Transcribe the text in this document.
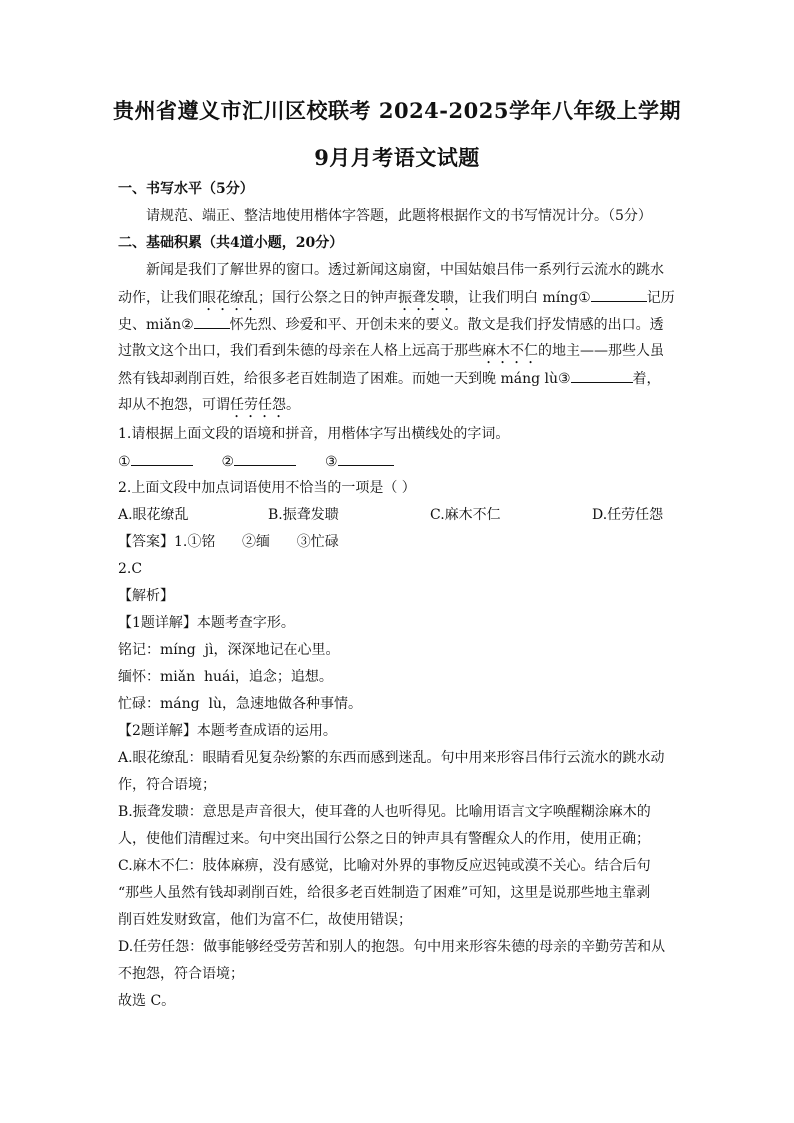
贵州省遵义市汇川区校联考 2024-2025学年八年级上学期
9月月考语文试题
一、书写水平（5分）
请规范、端正、整洁地使用楷体字答题，此题将根据作文的书写情况计分。（5分）
二、基础积累（共4道小题，20分）
新闻是我们了解世界的窗口。透过新闻这扇窗，中国姑娘吕伟一系列行云流水的跳水
动作，让我们眼花缭乱；国行公祭之日的钟声振聋发聩，让我们明白 míng①	记历
史、miǎn②	怀先烈、珍爱和平、开创未来的要义。散文是我们抒发情感的出口。透
过散文这个出口，我们看到朱德的母亲在人格上远高于那些麻木不仁的地主——那些人虽
然有钱却剥削百姓，给很多老百姓制造了困难。而她一天到晚 máng lù③	着，
却从不抱怨，可谓任劳任怨。
1.请根据上面文段的语境和拼音，用楷体字写出横线处的字词。
①	②	③
2.上面文段中加点词语使用不恰当的一项是（ ）
A.眼花缭乱	B.振聋发聩	C.麻木不仁	D.任劳任怨
【答案】1.①铭      ②缅      ③忙碌
2.C
【解析】
【1题详解】本题考查字形。
铭记：míng  jì，深深地记在心里。
缅怀：miǎn  huái，追念；追想。
忙碌：máng  lù，急速地做各种事情。
【2题详解】本题考查成语的运用。
A.眼花缭乱：眼睛看见复杂纷繁的东西而感到迷乱。句中用来形容吕伟行云流水的跳水动
作，符合语境；
B.振聋发聩：意思是声音很大，使耳聋的人也听得见。比喻用语言文字唤醒糊涂麻木的
人，使他们清醒过来。句中突出国行公祭之日的钟声具有警醒众人的作用，使用正确；
C.麻木不仁：肢体麻痹，没有感觉，比喻对外界的事物反应迟钝或漠不关心。结合后句
“那些人虽然有钱却剥削百姓，给很多老百姓制造了困难”可知，这里是说那些地主靠剥
削百姓发财致富，他们为富不仁，故使用错误；
D.任劳任怨：做事能够经受劳苦和别人的抱怨。句中用来形容朱德的母亲的辛勤劳苦和从
不抱怨，符合语境；
故选 C。
